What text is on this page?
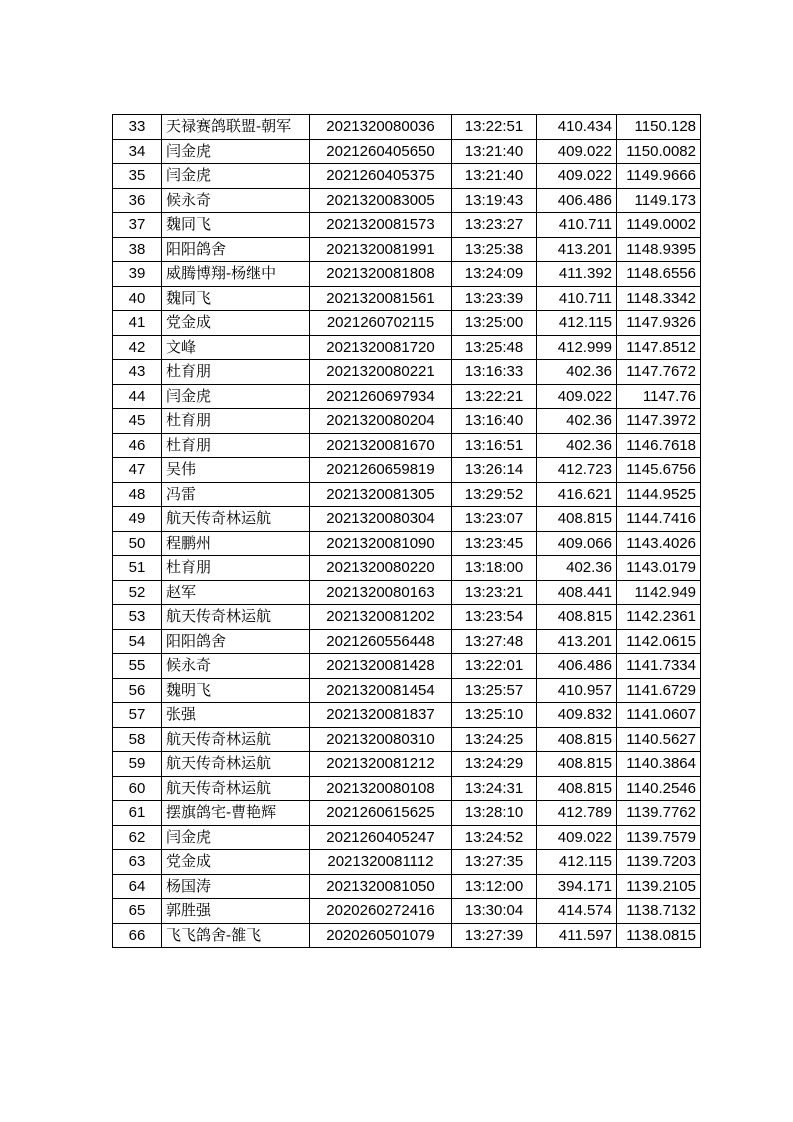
33	天禄赛鸽联盟-朝军	2021320080036	13:22:51	410.434	1150.128
34	闫金虎	2021260405650	13:21:40	409.022	1150.0082
35	闫金虎	2021260405375	13:21:40	409.022	1149.9666
36	候永奇	2021320083005	13:19:43	406.486	1149.173
37	魏同飞	2021320081573	13:23:27	410.711	1149.0002
38	阳阳鸽舍	2021320081991	13:25:38	413.201	1148.9395
39	威腾博翔-杨继中	2021320081808	13:24:09	411.392	1148.6556
40	魏同飞	2021320081561	13:23:39	410.711	1148.3342
41	党金成	2021260702115	13:25:00	412.115	1147.9326
42	文峰	2021320081720	13:25:48	412.999	1147.8512
43	杜育朋	2021320080221	13:16:33	402.36	1147.7672
44	闫金虎	2021260697934	13:22:21	409.022	1147.76
45	杜育朋	2021320080204	13:16:40	402.36	1147.3972
46	杜育朋	2021320081670	13:16:51	402.36	1146.7618
47	吴伟	2021260659819	13:26:14	412.723	1145.6756
48	冯雷	2021320081305	13:29:52	416.621	1144.9525
49	航天传奇林运航	2021320080304	13:23:07	408.815	1144.7416
50	程鹏州	2021320081090	13:23:45	409.066	1143.4026
51	杜育朋	2021320080220	13:18:00	402.36	1143.0179
52	赵军	2021320080163	13:23:21	408.441	1142.949
53	航天传奇林运航	2021320081202	13:23:54	408.815	1142.2361
54	阳阳鸽舍	2021260556448	13:27:48	413.201	1142.0615
55	候永奇	2021320081428	13:22:01	406.486	1141.7334
56	魏明飞	2021320081454	13:25:57	410.957	1141.6729
57	张强	2021320081837	13:25:10	409.832	1141.0607
58	航天传奇林运航	2021320080310	13:24:25	408.815	1140.5627
59	航天传奇林运航	2021320081212	13:24:29	408.815	1140.3864
60	航天传奇林运航	2021320080108	13:24:31	408.815	1140.2546
61	摆旗鸽宅-曹艳辉	2021260615625	13:28:10	412.789	1139.7762
62	闫金虎	2021260405247	13:24:52	409.022	1139.7579
63	党金成	2021320081112	13:27:35	412.115	1139.7203
64	杨国涛	2021320081050	13:12:00	394.171	1139.2105
65	郭胜强	2020260272416	13:30:04	414.574	1138.7132
66	飞飞鸽舍-雒飞	2020260501079	13:27:39	411.597	1138.0815
